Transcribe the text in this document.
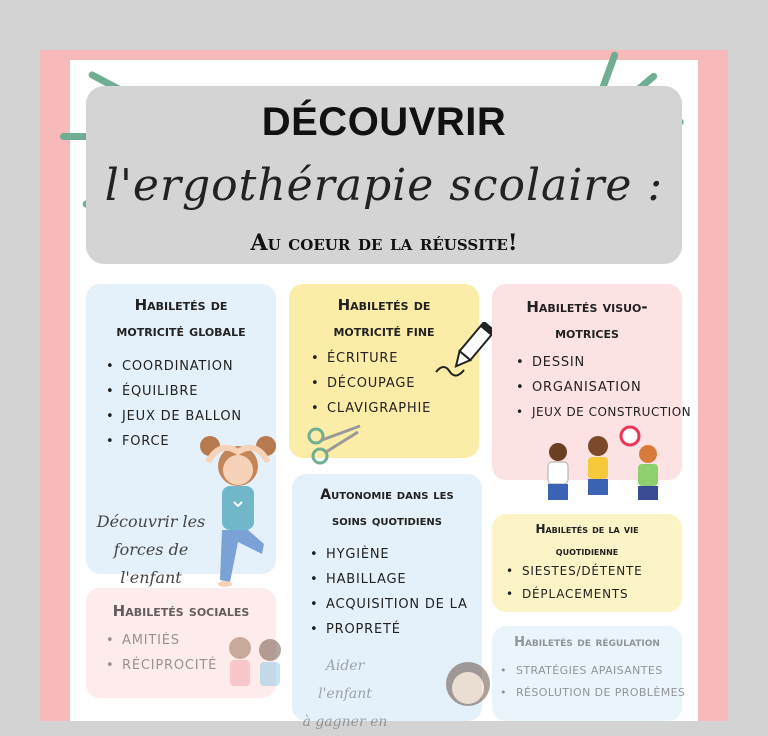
DÉCOUVRIR
l'ergothérapie scolaire :
Au coeur de la réussite!
Habiletés de
motricité globale
• COORDINATION
• ÉQUILIBRE
• JEUX DE BALLON
• FORCE
Découvrir les
forces de l'enfant
Habiletés de
motricité fine
• ÉCRITURE
• DÉCOUPAGE
• CLAVIGRAPHIE
Habiletés visuo-
motrices
• DESSIN
• ORGANISATION
• JEUX DE CONSTRUCTION
Autonomie dans les
soins quotidiens
• HYGIÈNE
• HABILLAGE
• ACQUISITION DE LA
• PROPRETÉ
Aider l'enfant
à gagner en
Habiletés de la vie
quotidienne
• SIESTES/DÉTENTE
• DÉPLACEMENTS
Habiletés sociales
• AMITIÉS
• RÉCIPROCITÉ
Habiletés de régulation
• STRATÉGIES APAISANTES
• RÉSOLUTION DE PROBLÈMES
